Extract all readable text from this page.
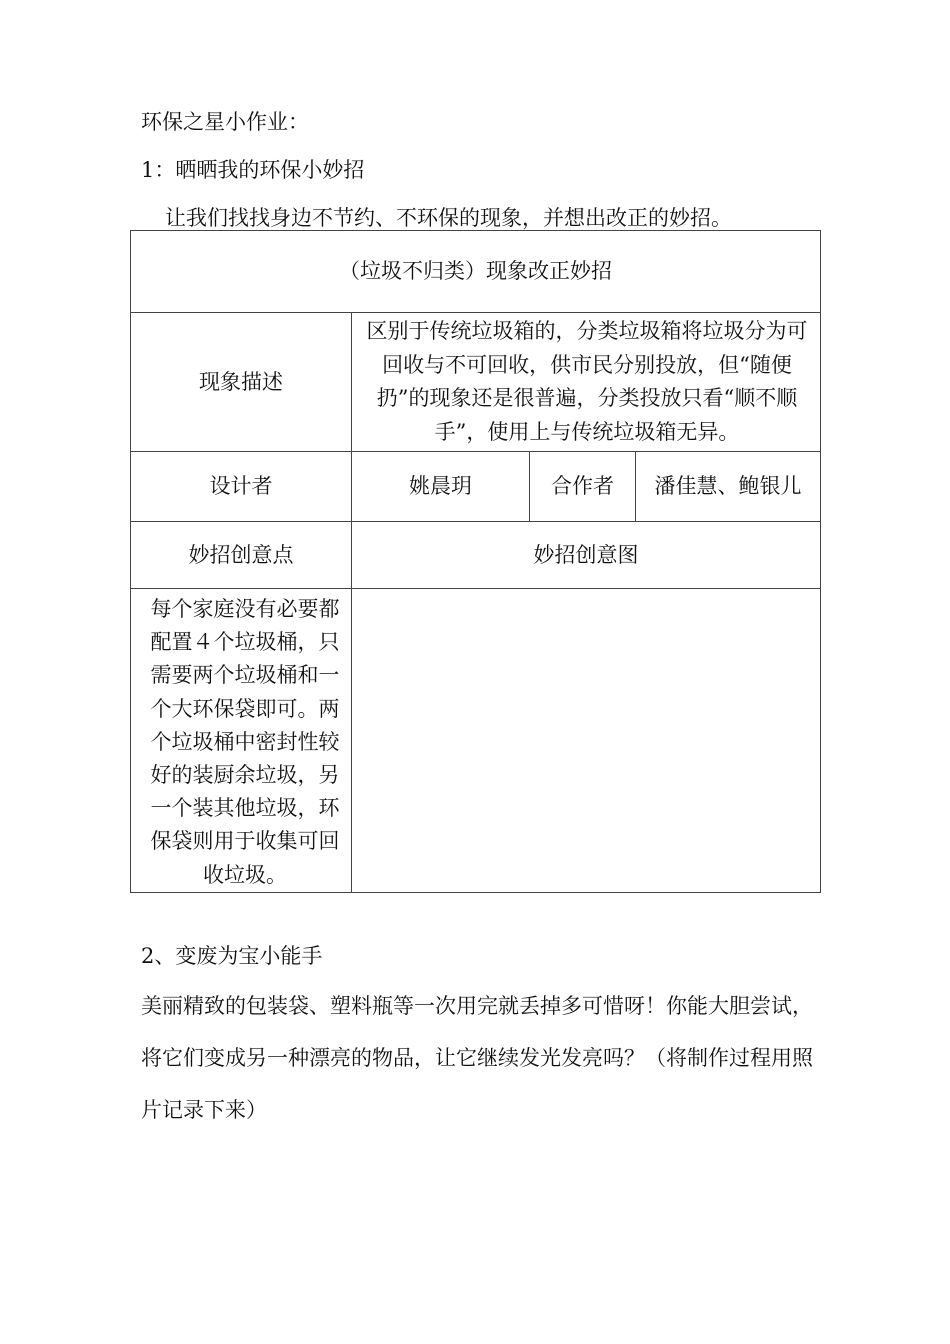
环保之星小作业：
1：晒晒我的环保小妙招
让我们找找身边不节约、不环保的现象，并想出改正的妙招。
（垃圾不归类）现象改正妙招			
现象描述	区别于传统垃圾箱的，分类垃圾箱将垃圾分为可回收与不可回收，供市民分别投放，但“随便扔”的现象还是很普遍，分类投放只看“顺不顺手”，使用上与传统垃圾箱无异。		
设计者	姚晨玥	合作者	潘佳慧、鲍银儿
妙招创意点	妙招创意图		
每个家庭没有必要都配置４个垃圾桶，只需要两个垃圾桶和一个大环保袋即可。两个垃圾桶中密封性较好的装厨余垃圾，另一个装其他垃圾，环保袋则用于收集可回收垃圾。			
2、变废为宝小能手
美丽精致的包装袋、塑料瓶等一次用完就丢掉多可惜呀！你能大胆尝试，将它们变成另一种漂亮的物品，让它继续发光发亮吗？（将制作过程用照片记录下来）
